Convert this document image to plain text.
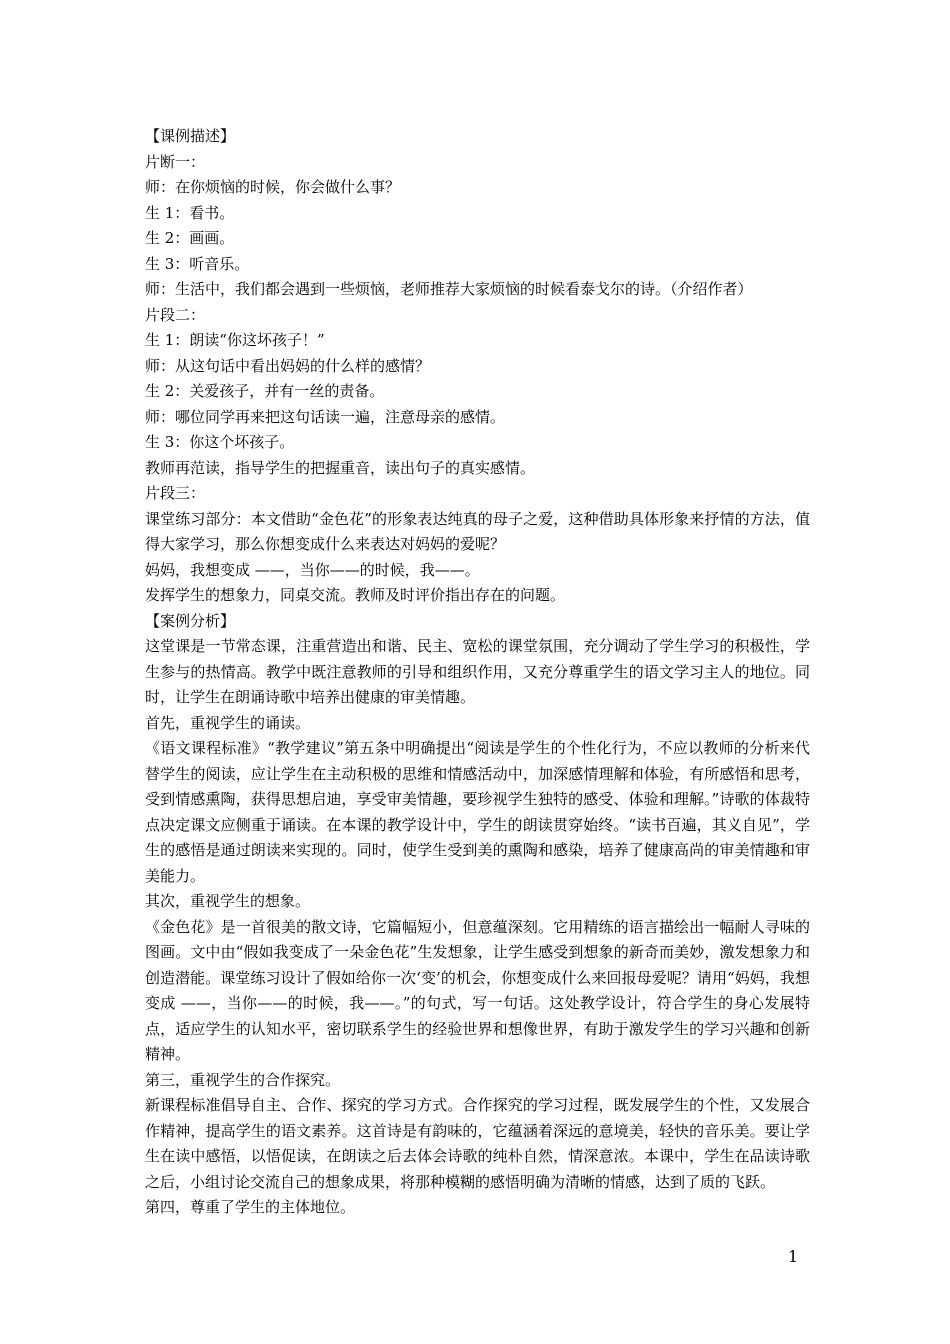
【课例描述】

片断一：

师：在你烦恼的时候，你会做什么事？

生 1：看书。

生 2：画画。

生 3：听音乐。

师：生活中，我们都会遇到一些烦恼，老师推荐大家烦恼的时候看泰戈尔的诗。（介绍作者）

片段二：

生 1：朗读“你这坏孩子！”

师：从这句话中看出妈妈的什么样的感情？

生 2：关爱孩子，并有一丝的责备。

师：哪位同学再来把这句话读一遍，注意母亲的感情。

生 3：你这个坏孩子。

教师再范读，指导学生的把握重音，读出句子的真实感情。

片段三：

课堂练习部分：本文借助“金色花”的形象表达纯真的母子之爱，这种借助具体形象来抒情的方法，值得大家学习，那么你想变成什么来表达对妈妈的爱呢？

妈妈，我想变成 ——，当你——的时候，我——。

发挥学生的想象力，同桌交流。教师及时评价指出存在的问题。

【案例分析】

这堂课是一节常态课，注重营造出和谐、民主、宽松的课堂氛围，充分调动了学生学习的积极性，学生参与的热情高。教学中既注意教师的引导和组织作用，又充分尊重学生的语文学习主人的地位。同时，让学生在朗诵诗歌中培养出健康的审美情趣。

首先，重视学生的诵读。

《语文课程标准》“教学建议”第五条中明确提出“阅读是学生的个性化行为，不应以教师的分析来代替学生的阅读，应让学生在主动积极的思维和情感活动中，加深感情理解和体验，有所感悟和思考，受到情感熏陶，获得思想启迪，享受审美情趣，要珍视学生独特的感受、体验和理解。”诗歌的体裁特点决定课文应侧重于诵读。在本课的教学设计中，学生的朗读贯穿始终。“读书百遍，其义自见”，学生的感悟是通过朗读来实现的。同时，使学生受到美的熏陶和感染，培养了健康高尚的审美情趣和审美能力。

其次，重视学生的想象。

《金色花》是一首很美的散文诗，它篇幅短小，但意蕴深刻。它用精练的语言描绘出一幅耐人寻味的图画。文中由“假如我变成了一朵金色花”生发想象，让学生感受到想象的新奇而美妙，激发想象力和创造潜能。课堂练习设计了假如给你一次‘变’的机会，你想变成什么来回报母爱呢？请用“妈妈，我想变成 ——，当你——的时候，我——。”的句式，写一句话。这处教学设计，符合学生的身心发展特点，适应学生的认知水平，密切联系学生的经验世界和想像世界，有助于激发学生的学习兴趣和创新精神。

第三，重视学生的合作探究。

新课程标准倡导自主、合作、探究的学习方式。合作探究的学习过程，既发展学生的个性，又发展合作精神，提高学生的语文素养。这首诗是有韵味的，它蕴涵着深远的意境美，轻快的音乐美。要让学生在读中感悟，以悟促读，在朗读之后去体会诗歌的纯朴自然，情深意浓。本课中，学生在品读诗歌之后，小组讨论交流自己的想象成果，将那种模糊的感悟明确为清晰的情感，达到了质的飞跃。

第四，尊重了学生的主体地位。

1
